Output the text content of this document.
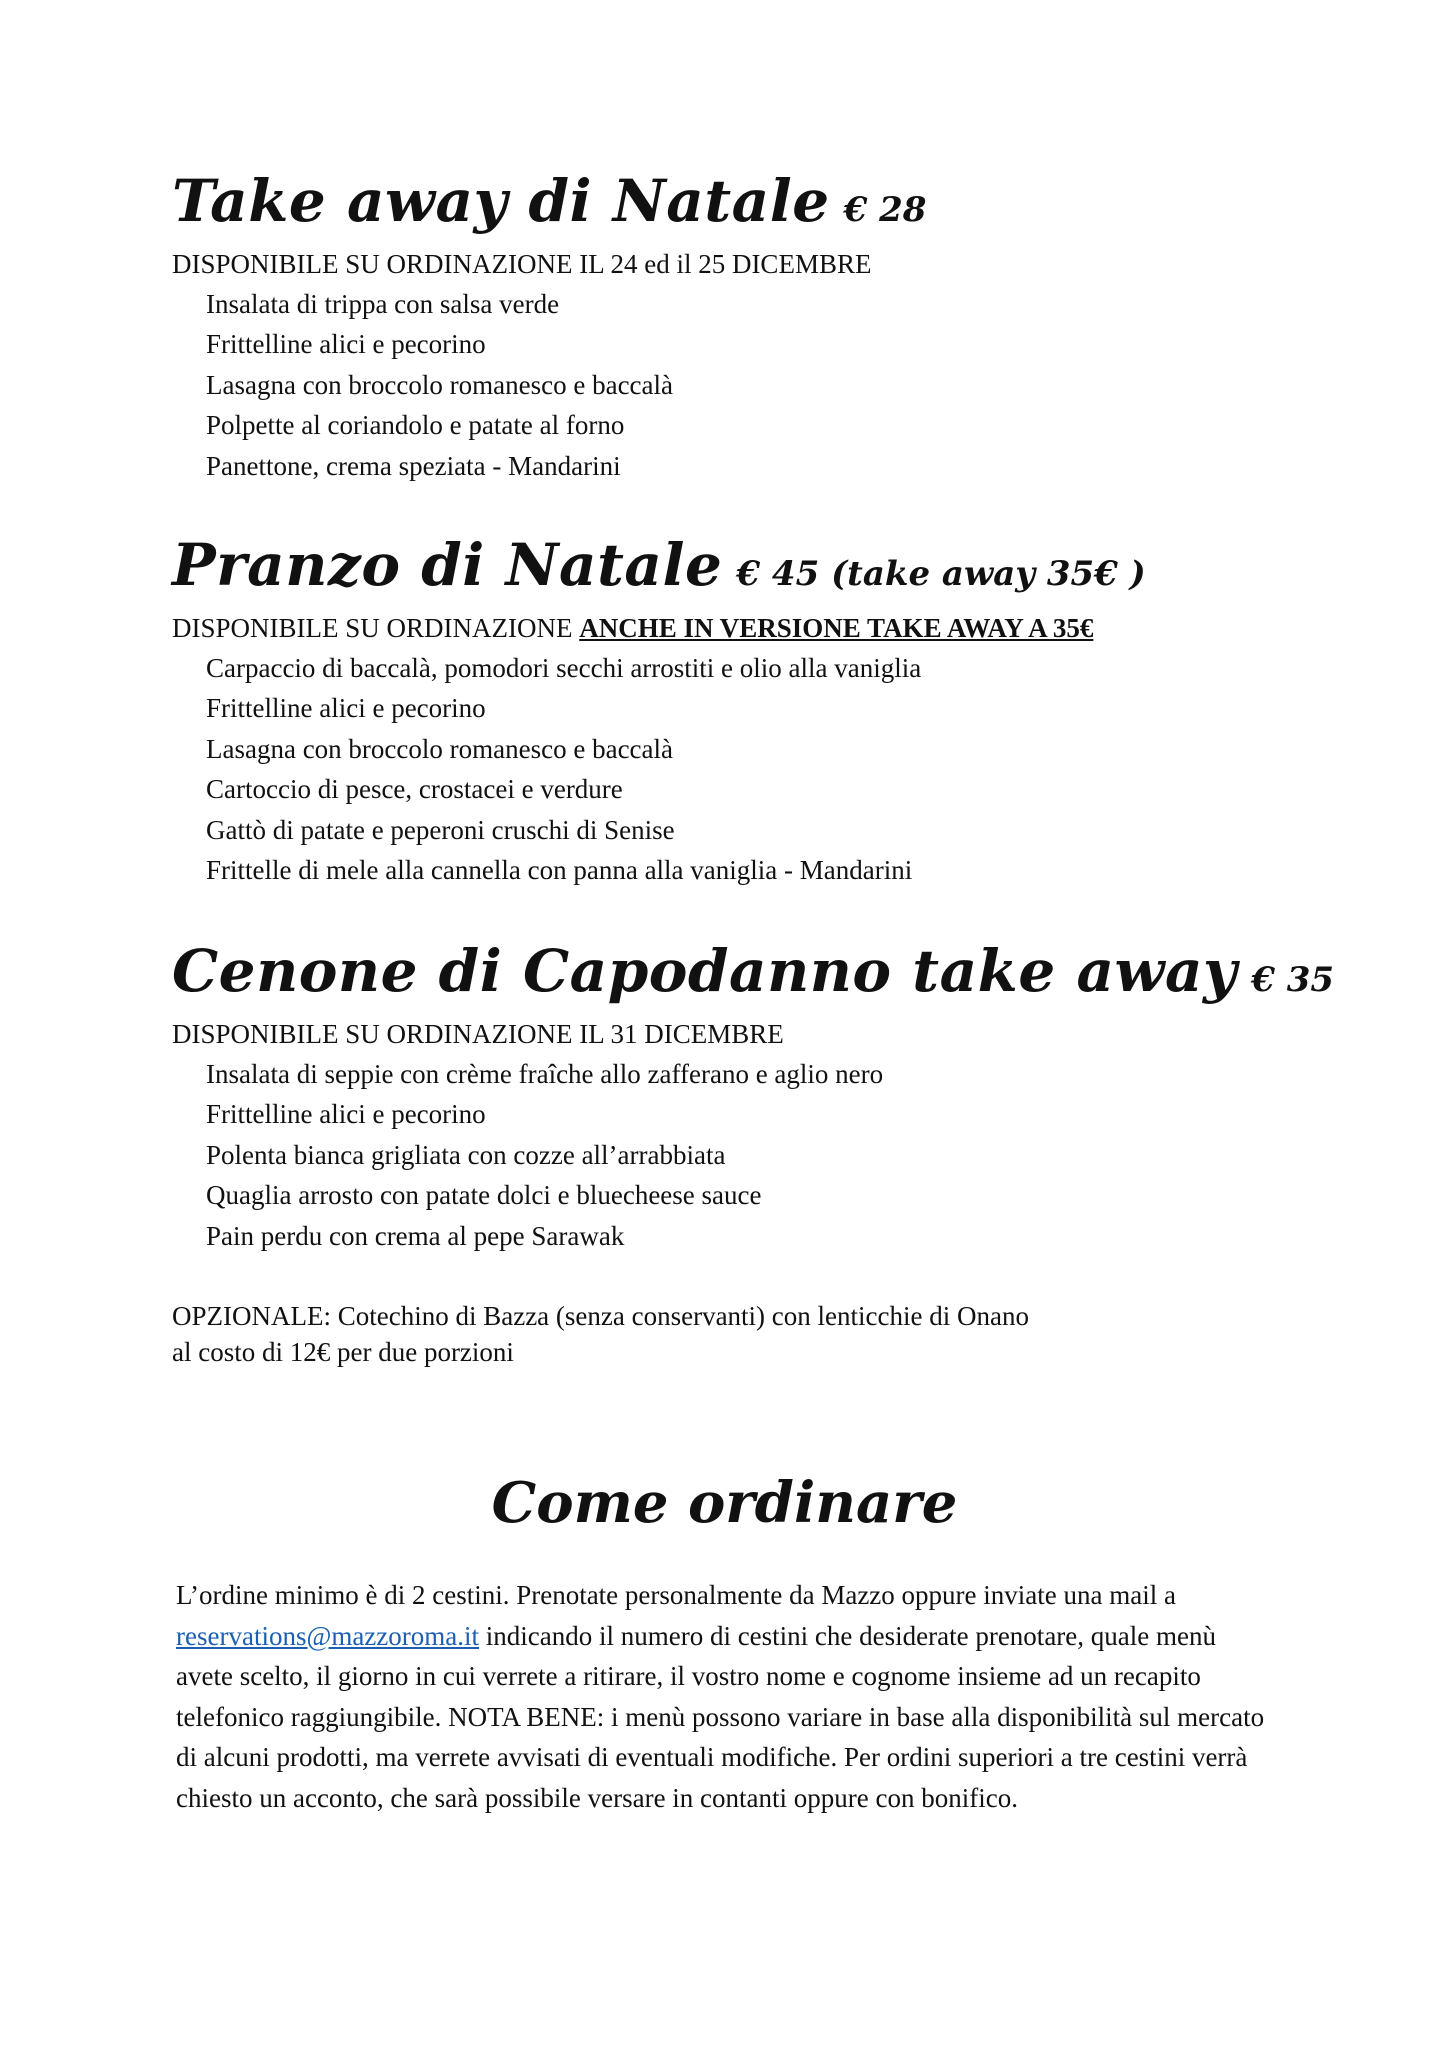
Take away di Natale € 28
DISPONIBILE SU ORDINAZIONE IL 24 ed il 25 DICEMBRE
Insalata di trippa con salsa verde
Frittelline alici e pecorino
Lasagna con broccolo romanesco e baccalà
Polpette al coriandolo e patate al forno
Panettone, crema speziata - Mandarini
Pranzo di Natale € 45 (take away 35€ )
DISPONIBILE SU ORDINAZIONE ANCHE IN VERSIONE TAKE AWAY A 35€
Carpaccio di baccalà, pomodori secchi arrostiti e olio alla vaniglia
Frittelline alici e pecorino
Lasagna con broccolo romanesco e baccalà
Cartoccio di pesce, crostacei e verdure
Gattò di patate e peperoni cruschi di Senise
Frittelle di mele alla cannella con panna alla vaniglia - Mandarini
Cenone di Capodanno take away € 35
DISPONIBILE SU ORDINAZIONE IL 31 DICEMBRE
Insalata di seppie con crème fraîche allo zafferano e aglio nero
Frittelline alici e pecorino
Polenta bianca grigliata con cozze all’arrabbiata
Quaglia arrosto con patate dolci e bluecheese sauce
Pain perdu con crema al pepe Sarawak
OPZIONALE: Cotechino di Bazza (senza conservanti) con lenticchie di Onano
al costo di 12€ per due porzioni
Come ordinare

L’ordine minimo è di 2 cestini. Prenotate personalmente da Mazzo oppure inviate una mail a reservations@mazzoroma.it indicando il numero di cestini che desiderate prenotare, quale menù avete scelto, il giorno in cui verrete a ritirare, il vostro nome e cognome insieme ad un recapito telefonico raggiungibile. NOTA BENE: i menù possono variare in base alla disponibilità sul mercato di alcuni prodotti, ma verrete avvisati di eventuali modifiche. Per ordini superiori a tre cestini verrà chiesto un acconto, che sarà possibile versare in contanti oppure con bonifico.
